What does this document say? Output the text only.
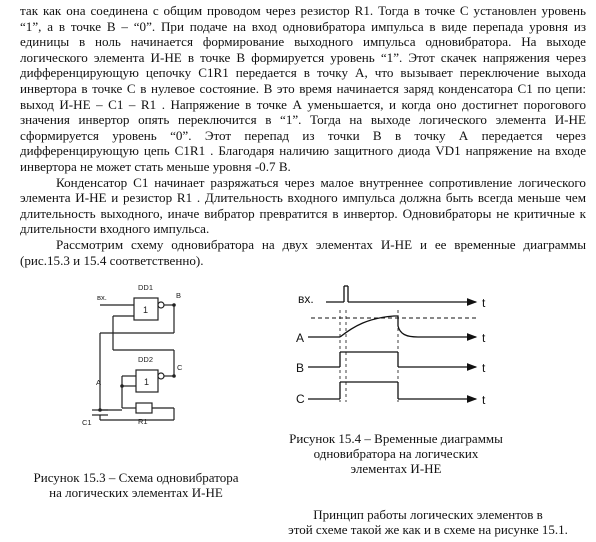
так как она соединена с общим проводом через резистор R1. Тогда в точке С установлен уровень “1”, а в точке В – “0”. При подаче на вход одновибратора импульса в виде перепада уровня из единицы в ноль начинается формирование выходного импульса одновибратора. На выходе логического элемента И-НЕ в точке В формируется уровень “1”. Этот скачек напряжения через дифференцирующую цепочку C1R1 передается в точку А, что вызывает переключение выхода инвертора в точке С в нулевое состояние. В это время начинается заряд конденсатора C1 по цепи: выход И-НЕ – C1 – R1 . Напряжение в точке А уменьшается, и когда оно достигнет порогового значения инвертор опять переключится в “1”. Тогда на выходе логического элемента И-НЕ сформируется уровень “0”. Этот перепад из точки В в точку А передается через дифференцирующую цепь C1R1 . Благодаря наличию защитного диода VD1 напряжение на входе инвертора не может стать меньше уровня -0.7 В.

Конденсатор C1 начинает разряжаться через малое внутреннее сопротивление логического элемента И-НЕ и резистор R1 . Длительность входного импульса должна быть всегда меньше чем длительность выходного, иначе вибратор превратится в инвертор. Одновибраторы не критичные к длительности входного импульса.

Рассмотрим схему одновибратора на двух элементах И-НЕ и ее временные диаграммы (рис.15.3 и 15.4 соответственно).

вх.
DD1
1
B
DD2
1
C
A
C1	R1
Рисунок 15.3 – Схема одновибратора
на логических элементах И-НЕ
вх.
A
B
C
t
t
t
t
Рисунок 15.4 – Временные диаграммы
одновибратора на логических
элементах И-НЕ
Принцип работы логических элементов в
этой схеме такой же как и в схеме на рисунке 15.1.
